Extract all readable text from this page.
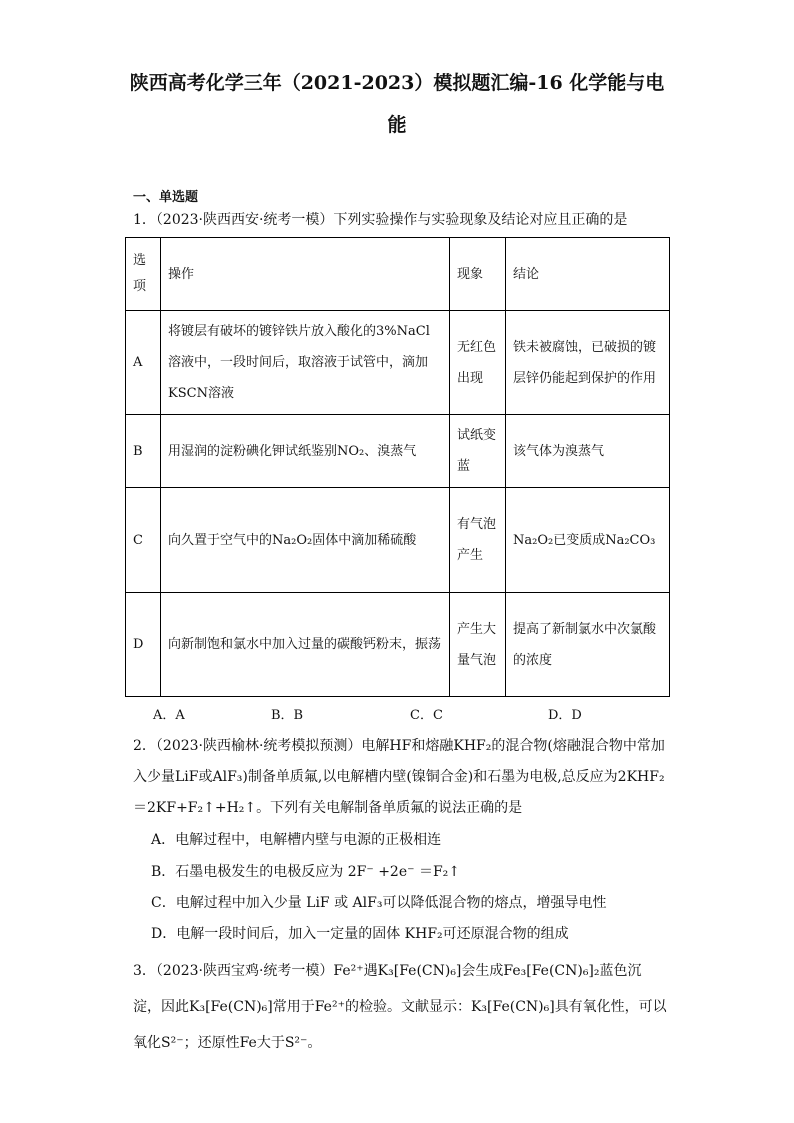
陕西高考化学三年（2021-2023）模拟题汇编-16 化学能与电
能
一、单选题
1．（2023·陕西西安·统考一模）下列实验操作与实验现象及结论对应且正确的是
选项	操作	现象	结论
A	将镀层有破坏的镀锌铁片放入酸化的3%NaCl溶液中，一段时间后，取溶液于试管中，滴加KSCN溶液	无红色出现	铁未被腐蚀，已破损的镀层锌仍能起到保护的作用
B	用湿润的淀粉碘化钾试纸鉴别NO₂、溴蒸气	试纸变蓝	该气体为溴蒸气
C	向久置于空气中的Na₂O₂固体中滴加稀硫酸	有气泡产生	Na₂O₂已变质成Na₂CO₃
D	向新制饱和氯水中加入过量的碳酸钙粉末，振荡	产生大量气泡	提高了新制氯水中次氯酸的浓度
A．A	B．B	C．C	D．D
2．（2023·陕西榆林·统考模拟预测）电解HF和熔融KHF₂的混合物(熔融混合物中常加入少量LiF或AlF₃)制备单质氟,以电解槽内壁(镍铜合金)和石墨为电极,总反应为2KHF₂＝2KF+F₂↑+H₂↑。下列有关电解制备单质氟的说法正确的是
A．电解过程中，电解槽内壁与电源的正极相连
B．石墨电极发生的电极反应为 2F⁻ +2e⁻ ＝F₂↑
C．电解过程中加入少量 LiF 或 AlF₃可以降低混合物的熔点，增强导电性
D．电解一段时间后，加入一定量的固体 KHF₂可还原混合物的组成
3．（2023·陕西宝鸡·统考一模）Fe²⁺遇K₃[Fe(CN)₆]会生成Fe₃[Fe(CN)₆]₂蓝色沉淀，因此K₃[Fe(CN)₆]常用于Fe²⁺的检验。文献显示：K₃[Fe(CN)₆]具有氧化性，可以氧化S²⁻；还原性Fe大于S²⁻。
